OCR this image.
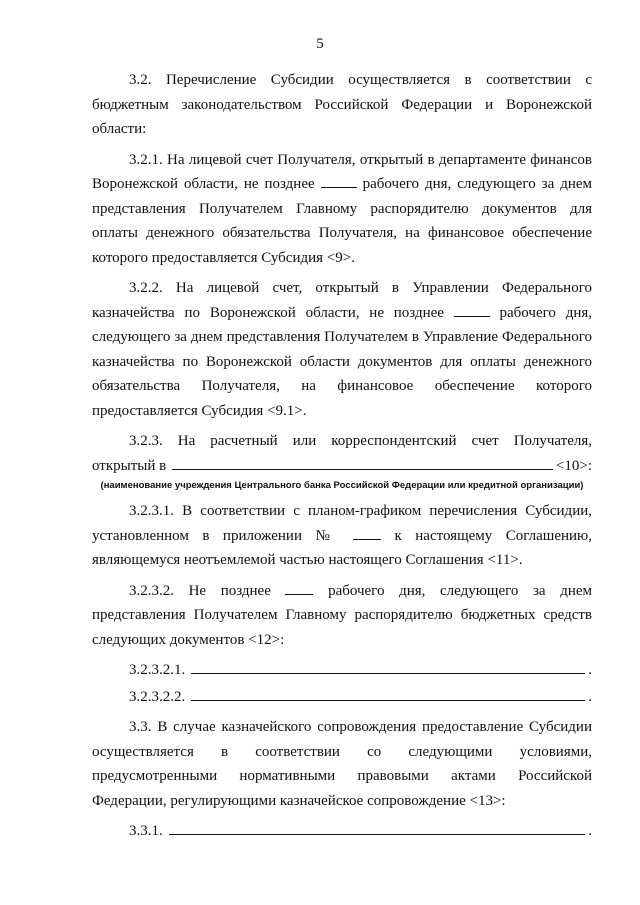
5

3.2. Перечисление Субсидии осуществляется в соответствии с бюджетным законодательством Российской Федерации и Воронежской области:

3.2.1. На лицевой счет Получателя, открытый в департаменте финансов Воронежской области, не позднее	рабочего дня, следующего за днем представления Получателем Главному распорядителю документов для оплаты денежного обязательства Получателя, на финансовое обеспечение которого предоставляется Субсидия <9>.

3.2.2. На лицевой счет, открытый в Управлении Федерального казначейства по Воронежской области, не позднее	рабочего дня, следующего за днем представления Получателем в Управление Федерального казначейства по Воронежской области документов для оплаты денежного обязательства Получателя, на финансовое обеспечение которого предоставляется Субсидия <9.1>.

3.2.3. На расчетный или корреспондентский счет Получателя,

открытый в	<10>:
(наименование учреждения Центрального банка Российской Федерации или кредитной организации)

3.2.3.1. В соответствии с планом-графиком перечисления Субсидии, установленном в приложении №	к настоящему Соглашению, являющемуся неотъемлемой частью настоящего Соглашения <11>.

3.2.3.2. Не позднее	рабочего дня, следующего за днем представления Получателем Главному распорядителю бюджетных средств следующих документов <12>:

3.2.3.2.1.	.
3.2.3.2.2.	.

3.3. В случае казначейского сопровождения предоставление Субсидии осуществляется в соответствии со следующими условиями, предусмотренными нормативными правовыми актами Российской Федерации, регулирующими казначейское сопровождение <13>:

3.3.1.	.
